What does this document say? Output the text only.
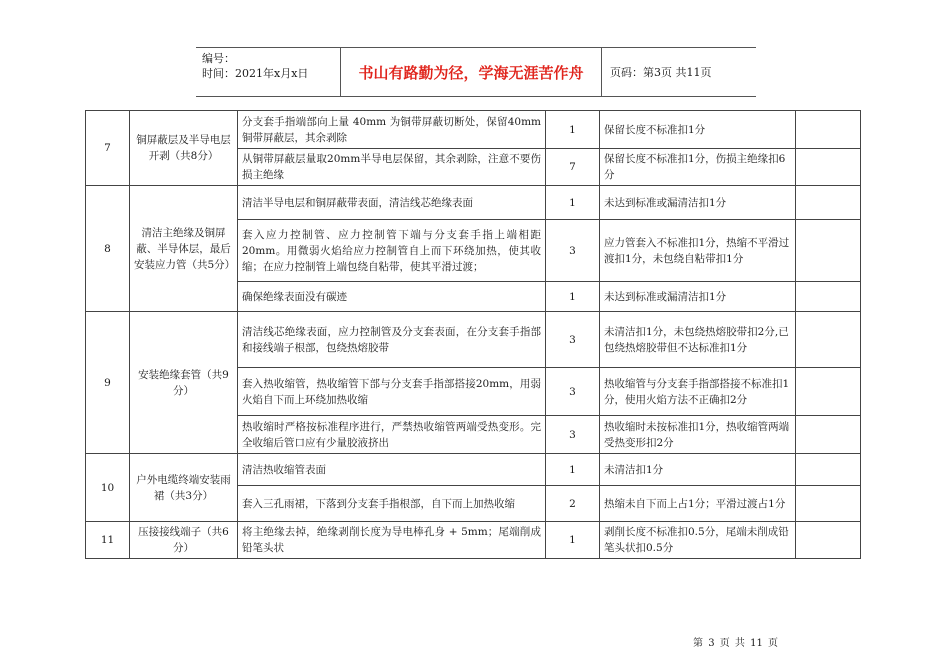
编号：
时间：2021年x月x日	书山有路勤为径，学海无涯苦作舟	页码：第3页 共11页
7	铜屏蔽层及半导电层开剥（共8分）	分支套手指端部向上量 40mm 为铜带屏蔽切断处，保留40mm铜带屏蔽层，其余剥除	1	保留长度不标准扣1分	
		从铜带屏蔽层量取20mm半导电层保留，其余剥除，注意不要伤损主绝缘	7	保留长度不标准扣1分，伤损主绝缘扣6分	
8	清洁主绝缘及铜屏蔽、半导体层，最后安装应力管（共5分）	清洁半导电层和铜屏蔽带表面，清洁线芯绝缘表面	1	未达到标准或漏清洁扣1分	
		套入应力控制管、应力控制管下端与分支套手指上端相距20mm。用微弱火焰给应力控制管自上而下环绕加热，使其收缩；在应力控制管上端包绕自粘带，使其平滑过渡；	3	应力管套入不标准扣1分，热缩不平滑过渡扣1分，未包绕自粘带扣1分	
		确保绝缘表面没有碳迹	1	未达到标准或漏清洁扣1分	
9	安装绝缘套管（共9分）	清洁线芯绝缘表面，应力控制管及分支套表面，在分支套手指部和接线端子根部，包绕热熔胶带	3	未清洁扣1分，未包绕热熔胶带扣2分,已包绕热熔胶带但不达标准扣1分	
		套入热收缩管，热收缩管下部与分支套手指部搭接20mm，用弱火焰自下而上环绕加热收缩	3	热收缩管与分支套手指部搭接不标准扣1分，使用火焰方法不正确扣2分	
		热收缩时严格按标准程序进行，严禁热收缩管两端受热变形。完全收缩后管口应有少量胶液挤出	3	热收缩时未按标准扣1分，热收缩管两端受热变形扣2分	
10	户外电缆终端安装雨裙（共3分）	清洁热收缩管表面	1	未清洁扣1分	
		套入三孔雨裙，下落到分支套手指根部，自下而上加热收缩	2	热缩未自下而上占1分；平滑过渡占1分	
11	压接接线端子（共6分）	将主绝缘去掉，绝缘剥削长度为导电棒孔身 + 5mm；尾端削成铅笔头状	1	剥削长度不标准扣0.5分，尾端未削成铅笔头状扣0.5分	
第 3 页 共 11 页
